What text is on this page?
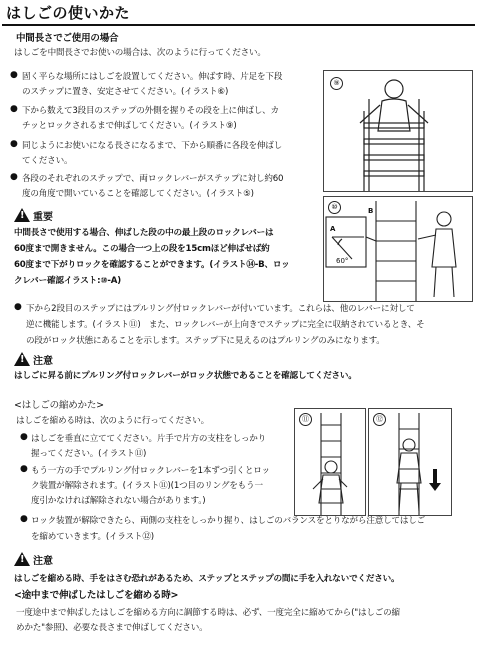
はしごの使いかた
中間長さでご使用の場合
はしごを中間長さでお使いの場合は、次のように行ってください。
● 固く平らな場所にはしごを設置してください。伸ばす時、片足を下段
のステップに置き、安定させてください。(イラスト⑥)
● 下から数えて3段目のステップの外側を握りその段を上に伸ばし、カ
チッとロックされるまで伸ばしてください。(イラスト⑨)
● 同じようにお使いになる長さになるまで、下から順番に各段を伸ばし
てください。
● 各段のそれぞれのステップで、両ロックレバーがステップに対し約60
度の角度で開いていることを確認してください。(イラスト⑤)
⑨
!重要
中間長さで使用する場合、伸ばした段の中の最上段のロックレバーは
60度まで開きません。この場合一つ上の段を15cmほど伸ばせば約
60度まで下がりロックを確認することができます。(イラスト⑭-B、ロッ
クレバー確認イラスト:⑩-A)
⑩
A
B
60°
● 下から2段目のステップにはプルリング付ロックレバーが付いています。これらは、他のレバーに対して
逆に機能します。(イラスト⑪)　また、ロックレバーが上向きでステップに完全に収納されているとき、そ
の段がロック状態にあることを示します。ステップ下に見えるのはプルリングのみになります。
!注意
はしごに昇る前にプルリング付ロックレバーがロック状態であることを確認してください。
<はしごの縮めかた>
はしごを縮める時は、次のように行ってください。
● はしごを垂直に立ててください。片手で片方の支柱をしっかり
握ってください。(イラスト⑪)
● もう一方の手でプルリング付ロックレバーを1本ずつ引くとロッ
ク装置が解除されます。(イラスト⑪)(1つ目のリングをもう一
度引かなければ解除されない場合があります。)
⑪	⑫
● ロック装置が解除できたら、両側の支柱をしっかり握り、はしごのバランスをとりながら注意してはしご
を縮めていきます。(イラスト⑫)
!注意
はしごを縮める時、手をはさむ恐れがあるため、ステップとステップの間に手を入れないでください。
<途中まで伸ばしたはしごを縮める時>
一度途中まで伸ばしたはしごを縮める方向に調節する時は、必ず、一度完全に縮めてから("はしごの縮
めかた"参照)、必要な長さまで伸ばしてください。
